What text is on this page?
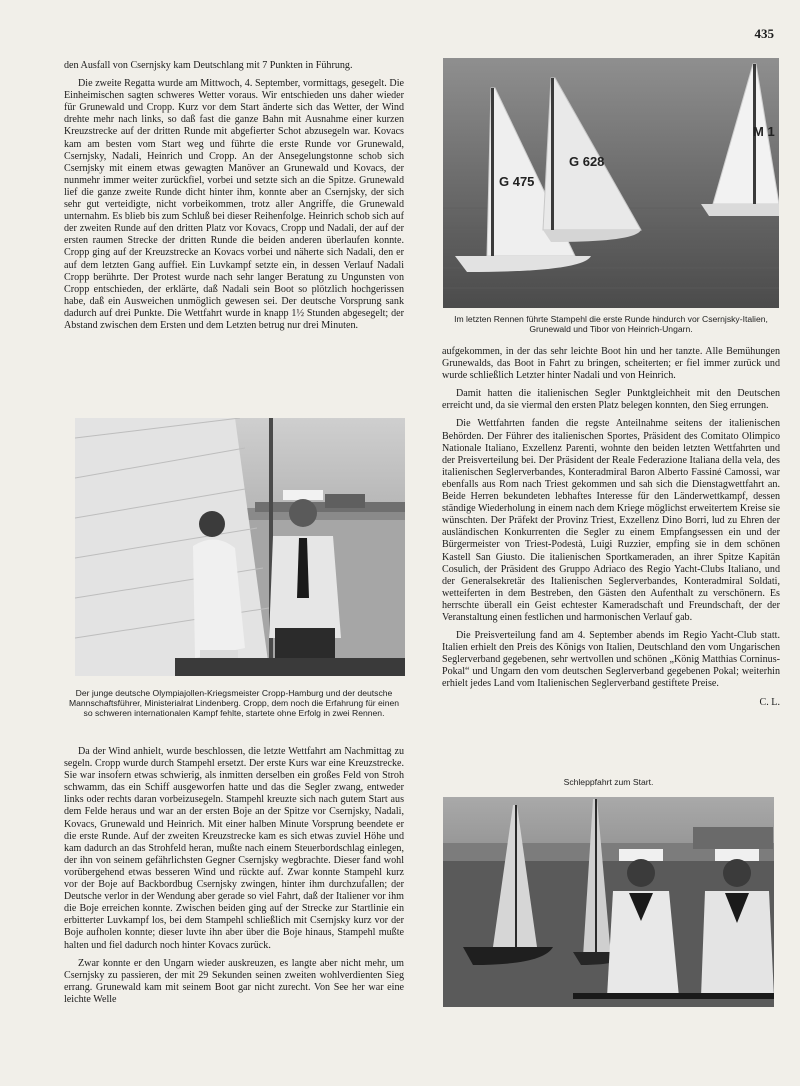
435

den Ausfall von Csernjsky kam Deutschlang mit 7 Punkten in Führung.

Die zweite Regatta wurde am Mittwoch, 4. September, vormittags, gesegelt. Die Einheimischen sagten schweres Wetter voraus. Wir entschieden uns daher wieder für Grunewald und Cropp. Kurz vor dem Start änderte sich das Wetter, der Wind drehte mehr nach links, so daß fast die ganze Bahn mit Ausnahme einer kurzen Kreuzstrecke auf der dritten Runde mit abgefierter Schot abzusegeln war. Kovacs kam am besten vom Start weg und führte die erste Runde vor Grunewald, Csernjsky, Nadali, Heinrich und Cropp. An der Ansegelungstonne schob sich Csernjsky mit einem etwas gewagten Manöver an Grunewald und Kovacs, der nunmehr immer weiter zurückfiel, vorbei und setzte sich an die Spitze. Grunewald lief die ganze zweite Runde dicht hinter ihm, konnte aber an Csernjsky, der sich sehr gut verteidigte, nicht vorbeikommen, trotz aller Angriffe, die Grunewald unternahm. Es blieb bis zum Schluß bei dieser Reihenfolge. Heinrich schob sich auf der zweiten Runde auf den dritten Platz vor Kovacs, Cropp und Nadali, der auf der ersten raumen Strecke der dritten Runde die beiden anderen überlaufen konnte. Cropp ging auf der Kreuzstrecke an Kovacs vorbei und näherte sich Nadali, den er auf dem letzten Gang auffieł. Ein Luvkampf setzte ein, in dessen Verlauf Nadali Cropp berührte. Der Protest wurde nach sehr langer Beratung zu Ungunsten von Cropp entschieden, der erklärte, daß Nadali sein Boot so plötzlich hochgerissen habe, daß ein Ausweichen unmöglich gewesen sei. Der deutsche Vorsprung sank dadurch auf drei Punkte. Die Wettfahrt wurde in knapp 1½ Stunden abgesegelt; der Abstand zwischen dem Ersten und dem Letzten betrug nur drei Minuten.

Der junge deutsche Olympiajollen-Kriegsmeister Cropp-Hamburg und der deutsche Mannschaftsführer, Ministerialrat Lindenberg. Cropp, dem noch die Erfahrung für einen so schweren internationalen Kampf fehlte, startete ohne Erfolg in zwei Rennen.

Da der Wind anhielt, wurde beschlossen, die letzte Wettfahrt am Nachmittag zu segeln. Cropp wurde durch Stampehl ersetzt. Der erste Kurs war eine Kreuzstrecke. Sie war insofern etwas schwierig, als inmitten derselben ein großes Feld von Stroh schwamm, das ein Schiff ausgeworfen hatte und das die Segler zwang, entweder links oder rechts daran vorbeizusegeln. Stampehl kreuzte sich nach gutem Start aus dem Felde heraus und war an der ersten Boje an der Spitze vor Csernjsky, Nadali, Kovacs, Grunewald und Heinrich. Mit einer halben Minute Vorsprung beendete er die erste Runde. Auf der zweiten Kreuzstrecke kam es sich etwas zuviel Höhe und kam dadurch an das Strohfeld heran, mußte nach einem Steuerbordschlag einlegen, der ihn von seinem gefährlichsten Gegner Csernjsky wegbrachte. Dieser fand wohl vorübergehend etwas besseren Wind und rückte auf. Zwar konnte Stampehl kurz vor der Boje auf Backbordbug Csernjsky zwingen, hinter ihm durchzufallen; der Deutsche verlor in der Wendung aber gerade so viel Fahrt, daß der Italiener vor ihm die Boje erreichen konnte. Zwischen beiden ging auf der Strecke zur Startlinie ein erbitterter Luvkampf los, bei dem Stampehl schließlich mit Csernjsky kurz vor der Boje aufholen konnte; dieser luvte ihn aber über die Boje hinaus, Stampehl mußte halten und fiel dadurch noch hinter Kovacs zurück.

Zwar konnte er den Ungarn wieder auskreuzen, es langte aber nicht mehr, um Csernjsky zu passieren, der mit 29 Sekunden seinen zweiten wohlverdienten Sieg errang. Grunewald kam mit seinem Boot gar nicht zurecht. Von See her war eine leichte Welle

G 475
G 628
M 1
Im letzten Rennen führte Stampehl die erste Runde hindurch vor Csernjsky-Italien, Grunewald und Tibor von Heinrich-Ungarn.

aufgekommen, in der das sehr leichte Boot hin und her tanzte. Alle Bemühungen Grunewalds, das Boot in Fahrt zu bringen, scheiterten; er fiel immer zurück und wurde schließlich Letzter hinter Nadali und von Heinrich.

Damit hatten die italienischen Segler Punktgleichheit mit den Deutschen erreicht und, da sie viermal den ersten Platz belegen konnten, den Sieg errungen.

Die Wettfahrten fanden die regste Anteilnahme seitens der italienischen Behörden. Der Führer des italienischen Sportes, Präsident des Comitato Olimpico Nationale Italiano, Exzellenz Parenti, wohnte den beiden letzten Wettfahrten und der Preisverteilung bei. Der Präsident der Reale Federazione Italiana della vela, des italienischen Seglerverbandes, Konteradmiral Baron Alberto Fassiné Camossi, war ebenfalls aus Rom nach Triest gekommen und sah sich die Dienstagwettfahrt an. Beide Herren bekundeten lebhaftes Interesse für den Länderwettkampf, dessen ständige Wiederholung in einem nach dem Kriege möglichst erweitertem Kreise sie wünschten. Der Präfekt der Provinz Triest, Exzellenz Dino Borri, lud zu Ehren der ausländischen Konkurrenten die Segler zu einem Empfangsessen ein und der Bürgermeister von Triest-Podestà, Luigi Ruzzier, empfing sie in dem schönen Kastell San Giusto. Die italienischen Sportkameraden, an ihrer Spitze Kapitän Cosulich, der Präsident des Gruppo Adriaco des Regio Yacht-Clubs Italiano, und der Generalsekretär des Italienischen Seglerverbandes, Konteradmiral Soldati, wetteiferten in dem Bestreben, den Gästen den Aufenthalt zu verschönern. Es herrschte überall ein Geist echtester Kameradschaft und Freundschaft, der der Veranstaltung einen festlichen und harmonischen Verlauf gab.

Die Preisverteilung fand am 4. September abends im Regio Yacht-Club statt. Italien erhielt den Preis des Königs von Italien, Deutschland den vom Ungarischen Seglerverband gegebenen, sehr wertvollen und schönen „König Matthias Corninus-Pokal“ und Ungarn den vom deutschen Seglerverband gegebenen Pokal; weiterhin erhielt jedes Land vom Italienischen Seglerverband gestiftete Preise.

C. L.
Schleppfahrt zum Start.
